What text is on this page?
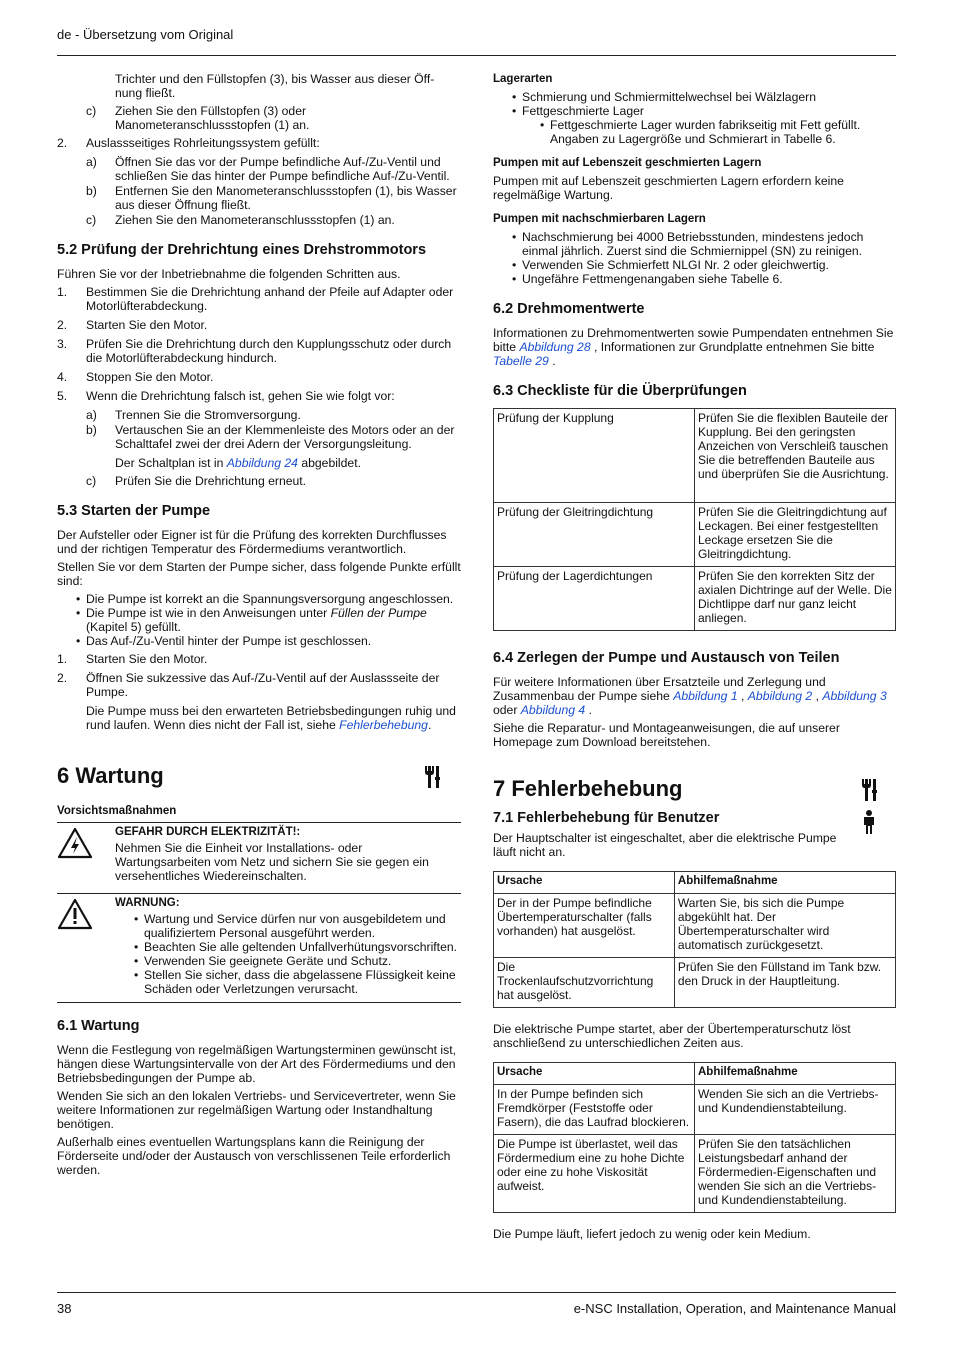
de - Übersetzung vom Original

Trichter und den Füllstopfen (3), bis Wasser aus dieser Öff-nung fließt.

c) Ziehen Sie den Füllstopfen (3) oder Manometeranschlussstopfen (1) an.
2. Auslassseitiges Rohrleitungssystem gefüllt:
a) Öffnen Sie das vor der Pumpe befindliche Auf-/Zu-Ventil und schließen Sie das hinter der Pumpe befindliche Auf-/Zu-Ventil.
b) Entfernen Sie den Manometeranschlussstopfen (1), bis Wasser aus dieser Öffnung fließt.
c) Ziehen Sie den Manometeranschlussstopfen (1) an.
5.2 Prüfung der Drehrichtung eines Drehstrommotors

Führen Sie vor der Inbetriebnahme die folgenden Schritten aus.

1. Bestimmen Sie die Drehrichtung anhand der Pfeile auf Adapter oder Motorlüfterabdeckung.
2. Starten Sie den Motor.
3. Prüfen Sie die Drehrichtung durch den Kupplungsschutz oder durch die Motorlüfterabdeckung hindurch.
4. Stoppen Sie den Motor.
5. Wenn die Drehrichtung falsch ist, gehen Sie wie folgt vor:
a) Trennen Sie die Stromversorgung.
b) Vertauschen Sie an der Klemmenleiste des Motors oder an der Schalttafel zwei der drei Adern der Versorgungsleitung.

Der Schaltplan ist in Abbildung 24 abgebildet.

c) Prüfen Sie die Drehrichtung erneut.
5.3 Starten der Pumpe

Der Aufsteller oder Eigner ist für die Prüfung des korrekten Durchflusses und der richtigen Temperatur des Fördermediums verantwortlich.

Stellen Sie vor dem Starten der Pumpe sicher, dass folgende Punkte erfüllt sind:

• Die Pumpe ist korrekt an die Spannungsversorgung angeschlossen.
• Die Pumpe ist wie in den Anweisungen unter Füllen der Pumpe (Kapitel 5) gefüllt.
• Das Auf-/Zu-Ventil hinter der Pumpe ist geschlossen.
1. Starten Sie den Motor.
2. Öffnen Sie sukzessive das Auf-/Zu-Ventil auf der Auslassseite der Pumpe.

Die Pumpe muss bei den erwarteten Betriebsbedingungen ruhig und rund laufen. Wenn dies nicht der Fall ist, siehe Fehlerbehebung.

6 Wartung
Vorsichtsmaßnahmen
GEFAHR DURCH ELEKTRIZITÄT!:
Nehmen Sie die Einheit vor Installations- oder Wartungsarbeiten vom Netz und sichern Sie sie gegen ein versehentliches Wiedereinschalten.
WARNUNG:
• Wartung und Service dürfen nur von ausgebildetem und qualifiziertem Personal ausgeführt werden.
• Beachten Sie alle geltenden Unfallverhütungsvorschriften.
• Verwenden Sie geeignete Geräte und Schutz.
• Stellen Sie sicher, dass die abgelassene Flüssigkeit keine Schäden oder Verletzungen verursacht.
6.1 Wartung

Wenn die Festlegung von regelmäßigen Wartungsterminen gewünscht ist, hängen diese Wartungsintervalle von der Art des Fördermediums und den Betriebsbedingungen der Pumpe ab.

Wenden Sie sich an den lokalen Vertriebs- und Servicevertreter, wenn Sie weitere Informationen zur regelmäßigen Wartung oder Instandhaltung benötigen.

Außerhalb eines eventuellen Wartungsplans kann die Reinigung der Förderseite und/oder der Austausch von verschlissenen Teile erforderlich werden.

Lagerarten
• Schmierung und Schmiermittelwechsel bei Wälzlagern
• Fettgeschmierte Lager
• Fettgeschmierte Lager wurden fabrikseitig mit Fett gefüllt. Angaben zu Lagergröße und Schmierart in Tabelle 6.
Pumpen mit auf Lebenszeit geschmierten Lagern

Pumpen mit auf Lebenszeit geschmierten Lagern erfordern keine regelmäßige Wartung.

Pumpen mit nachschmierbaren Lagern
• Nachschmierung bei 4000 Betriebsstunden, mindestens jedoch einmal jährlich. Zuerst sind die Schmiernippel (SN) zu reinigen.
• Verwenden Sie Schmierfett NLGI Nr. 2 oder gleichwertig.
• Ungefähre Fettmengenangaben siehe Tabelle 6.
6.2 Drehmomentwerte

Informationen zu Drehmomentwerten sowie Pumpendaten entnehmen Sie bitte Abbildung 28 , Informationen zur Grundplatte entnehmen Sie bitte Tabelle 29 .

6.3 Checkliste für die Überprüfungen
Prüfung der Kupplung	Prüfen Sie die flexiblen Bauteile der Kupplung. Bei den geringsten Anzeichen von Verschleiß tauschen Sie die betreffenden Bauteile aus und überprüfen Sie die Ausrichtung.
Prüfung der Gleitringdichtung	Prüfen Sie die Gleitringdichtung auf Leckagen. Bei einer festgestellten Leckage ersetzen Sie die Gleitringdichtung.
Prüfung der Lagerdichtungen	Prüfen Sie den korrekten Sitz der axialen Dichtringe auf der Welle. Die Dichtlippe darf nur ganz leicht anliegen.
6.4 Zerlegen der Pumpe und Austausch von Teilen

Für weitere Informationen über Ersatzteile und Zerlegung und Zusammenbau der Pumpe siehe Abbildung 1 , Abbildung 2 , Abbildung 3 oder Abbildung 4 .

Siehe die Reparatur- und Montageanweisungen, die auf unserer Homepage zum Download bereitstehen.

7 Fehlerbehebung
7.1 Fehlerbehebung für Benutzer

Der Hauptschalter ist eingeschaltet, aber die elektrische Pumpe läuft nicht an.

Ursache	Abhilfemaßnahme
Der in der Pumpe befindliche Übertemperaturschalter (falls vorhanden) hat ausgelöst.	Warten Sie, bis sich die Pumpe abgekühlt hat. Der Übertemperaturschalter wird automatisch zurückgesetzt.
Die Trockenlaufschutzvorrichtung hat ausgelöst.	Prüfen Sie den Füllstand im Tank bzw. den Druck in der Hauptleitung.

Die elektrische Pumpe startet, aber der Übertemperaturschutz löst anschließend zu unterschiedlichen Zeiten aus.

Ursache	Abhilfemaßnahme
In der Pumpe befinden sich Fremdkörper (Feststoffe oder Fasern), die das Laufrad blockieren.	Wenden Sie sich an die Vertriebs- und Kundendienstabteilung.
Die Pumpe ist überlastet, weil das Fördermedium eine zu hohe Dichte oder eine zu hohe Viskosität aufweist.	Prüfen Sie den tatsächlichen Leistungsbedarf anhand der Fördermedien-Eigenschaften und wenden Sie sich an die Vertriebs- und Kundendienstabteilung.

Die Pumpe läuft, liefert jedoch zu wenig oder kein Medium.

38	e-NSC Installation, Operation, and Maintenance Manual
